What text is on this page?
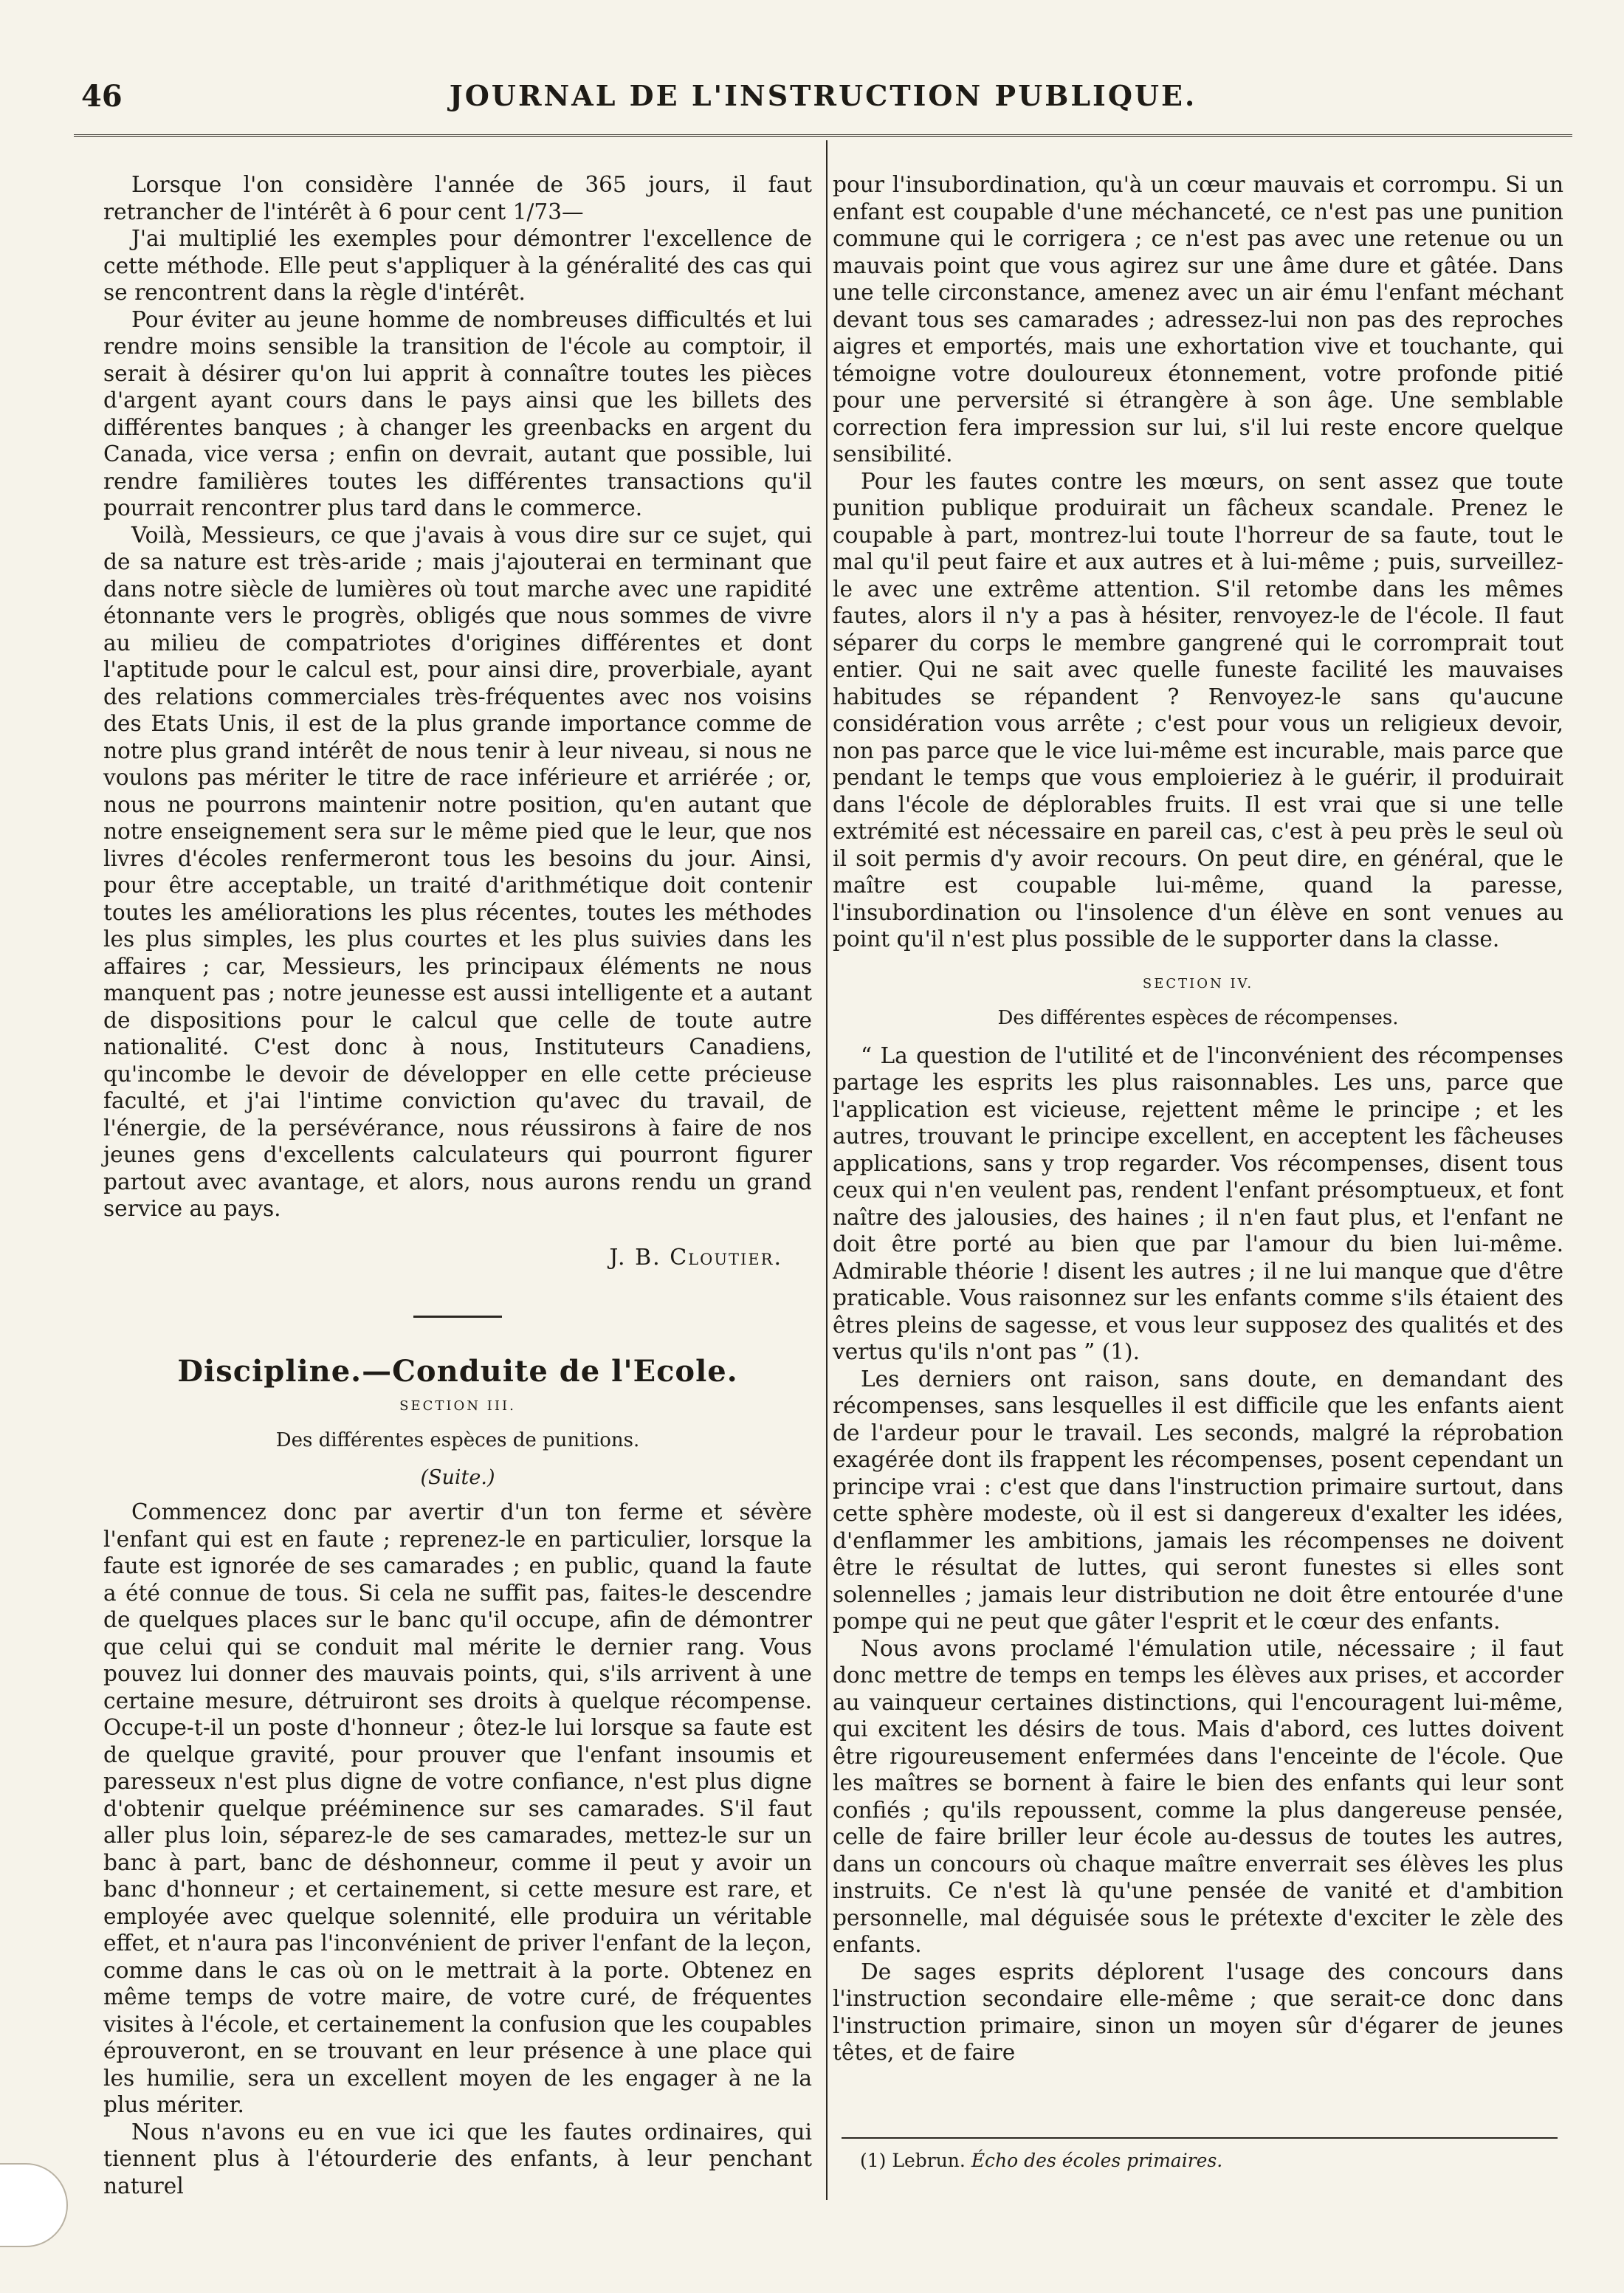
46	JOURNAL DE L'INSTRUCTION PUBLIQUE.

Lorsque l'on considère l'année de 365 jours, il faut retrancher de l'intérêt à 6 pour cent 1/73—

J'ai multiplié les exemples pour démontrer l'excellence de cette méthode. Elle peut s'appliquer à la généralité des cas qui se rencontrent dans la règle d'intérêt.

Pour éviter au jeune homme de nombreuses difficultés et lui rendre moins sensible la transition de l'école au comptoir, il serait à désirer qu'on lui apprit à connaître toutes les pièces d'argent ayant cours dans le pays ainsi que les billets des différentes banques ; à changer les greenbacks en argent du Canada, vice versa ; enfin on devrait, autant que possible, lui rendre familières toutes les différentes transactions qu'il pourrait rencontrer plus tard dans le commerce.

Voilà, Messieurs, ce que j'avais à vous dire sur ce sujet, qui de sa nature est très-aride ; mais j'ajouterai en terminant que dans notre siècle de lumières où tout marche avec une rapidité étonnante vers le progrès, obligés que nous sommes de vivre au milieu de compatriotes d'origines différentes et dont l'aptitude pour le calcul est, pour ainsi dire, proverbiale, ayant des relations commerciales très-fréquentes avec nos voisins des Etats Unis, il est de la plus grande importance comme de notre plus grand intérêt de nous tenir à leur niveau, si nous ne voulons pas mériter le titre de race inférieure et arriérée ; or, nous ne pourrons maintenir notre position, qu'en autant que notre enseignement sera sur le même pied que le leur, que nos livres d'écoles renfermeront tous les besoins du jour. Ainsi, pour être acceptable, un traité d'arithmétique doit contenir toutes les améliorations les plus récentes, toutes les méthodes les plus simples, les plus courtes et les plus suivies dans les affaires ; car, Messieurs, les principaux éléments ne nous manquent pas ; notre jeunesse est aussi intelligente et a autant de dispositions pour le calcul que celle de toute autre nationalité. C'est donc à nous, Instituteurs Canadiens, qu'incombe le devoir de développer en elle cette précieuse faculté, et j'ai l'intime conviction qu'avec du travail, de l'énergie, de la persévérance, nous réussirons à faire de nos jeunes gens d'excellents calculateurs qui pourront figurer partout avec avantage, et alors, nous aurons rendu un grand service au pays.

J. B. Cloutier.
Discipline.—Conduite de l'Ecole.
SECTION III.
Des différentes espèces de punitions.
(Suite.)

Commencez donc par avertir d'un ton ferme et sévère l'enfant qui est en faute ; reprenez-le en particulier, lorsque la faute est ignorée de ses camarades ; en public, quand la faute a été connue de tous. Si cela ne suffit pas, faites-le descendre de quelques places sur le banc qu'il occupe, afin de démontrer que celui qui se conduit mal mérite le dernier rang. Vous pouvez lui donner des mauvais points, qui, s'ils arrivent à une certaine mesure, détruiront ses droits à quelque récompense. Occupe-t-il un poste d'honneur ; ôtez-le lui lorsque sa faute est de quelque gravité, pour prouver que l'enfant insoumis et paresseux n'est plus digne de votre confiance, n'est plus digne d'obtenir quelque prééminence sur ses camarades. S'il faut aller plus loin, séparez-le de ses camarades, mettez-le sur un banc à part, banc de déshonneur, comme il peut y avoir un banc d'honneur ; et certainement, si cette mesure est rare, et employée avec quelque solennité, elle produira un véritable effet, et n'aura pas l'inconvénient de priver l'enfant de la leçon, comme dans le cas où on le mettrait à la porte. Obtenez en même temps de votre maire, de votre curé, de fréquentes visites à l'école, et certainement la confusion que les coupables éprouveront, en se trouvant en leur présence à une place qui les humilie, sera un excellent moyen de les engager à ne la plus mériter.

Nous n'avons eu en vue ici que les fautes ordinaires, qui tiennent plus à l'étourderie des enfants, à leur penchant naturel

pour l'insubordination, qu'à un cœur mauvais et corrompu. Si un enfant est coupable d'une méchanceté, ce n'est pas une punition commune qui le corrigera ; ce n'est pas avec une retenue ou un mauvais point que vous agirez sur une âme dure et gâtée. Dans une telle circonstance, amenez avec un air ému l'enfant méchant devant tous ses camarades ; adressez-lui non pas des reproches aigres et emportés, mais une exhortation vive et touchante, qui témoigne votre douloureux étonnement, votre profonde pitié pour une perversité si étrangère à son âge. Une semblable correction fera impression sur lui, s'il lui reste encore quelque sensibilité.

Pour les fautes contre les mœurs, on sent assez que toute punition publique produirait un fâcheux scandale. Prenez le coupable à part, montrez-lui toute l'horreur de sa faute, tout le mal qu'il peut faire et aux autres et à lui-même ; puis, surveillez-le avec une extrême attention. S'il retombe dans les mêmes fautes, alors il n'y a pas à hésiter, renvoyez-le de l'école. Il faut séparer du corps le membre gangrené qui le corromprait tout entier. Qui ne sait avec quelle funeste facilité les mauvaises habitudes se répandent ? Renvoyez-le sans qu'aucune considération vous arrête ; c'est pour vous un religieux devoir, non pas parce que le vice lui-même est incurable, mais parce que pendant le temps que vous emploieriez à le guérir, il produirait dans l'école de déplorables fruits. Il est vrai que si une telle extrémité est nécessaire en pareil cas, c'est à peu près le seul où il soit permis d'y avoir recours. On peut dire, en général, que le maître est coupable lui-même, quand la paresse, l'insubordination ou l'insolence d'un élève en sont venues au point qu'il n'est plus possible de le supporter dans la classe.

SECTION IV.
Des différentes espèces de récompenses.

“ La question de l'utilité et de l'inconvénient des récompenses partage les esprits les plus raisonnables. Les uns, parce que l'application est vicieuse, rejettent même le principe ; et les autres, trouvant le principe excellent, en acceptent les fâcheuses applications, sans y trop regarder. Vos récompenses, disent tous ceux qui n'en veulent pas, rendent l'enfant présomptueux, et font naître des jalousies, des haines ; il n'en faut plus, et l'enfant ne doit être porté au bien que par l'amour du bien lui-même. Admirable théorie ! disent les autres ; il ne lui manque que d'être praticable. Vous raisonnez sur les enfants comme s'ils étaient des êtres pleins de sagesse, et vous leur supposez des qualités et des vertus qu'ils n'ont pas ” (1).

Les derniers ont raison, sans doute, en demandant des récompenses, sans lesquelles il est difficile que les enfants aient de l'ardeur pour le travail. Les seconds, malgré la réprobation exagérée dont ils frappent les récompenses, posent cependant un principe vrai : c'est que dans l'instruction primaire surtout, dans cette sphère modeste, où il est si dangereux d'exalter les idées, d'enflammer les ambitions, jamais les récompenses ne doivent être le résultat de luttes, qui seront funestes si elles sont solennelles ; jamais leur distribution ne doit être entourée d'une pompe qui ne peut que gâter l'esprit et le cœur des enfants.

Nous avons proclamé l'émulation utile, nécessaire ; il faut donc mettre de temps en temps les élèves aux prises, et accorder au vainqueur certaines distinctions, qui l'encouragent lui-même, qui excitent les désirs de tous. Mais d'abord, ces luttes doivent être rigoureusement enfermées dans l'enceinte de l'école. Que les maîtres se bornent à faire le bien des enfants qui leur sont confiés ; qu'ils repoussent, comme la plus dangereuse pensée, celle de faire briller leur école au-dessus de toutes les autres, dans un concours où chaque maître enverrait ses élèves les plus instruits. Ce n'est là qu'une pensée de vanité et d'ambition personnelle, mal déguisée sous le prétexte d'exciter le zèle des enfants.

De sages esprits déplorent l'usage des concours dans l'instruction secondaire elle-même ; que serait-ce donc dans l'instruction primaire, sinon un moyen sûr d'égarer de jeunes têtes, et de faire

(1) Lebrun. Écho des écoles primaires.
